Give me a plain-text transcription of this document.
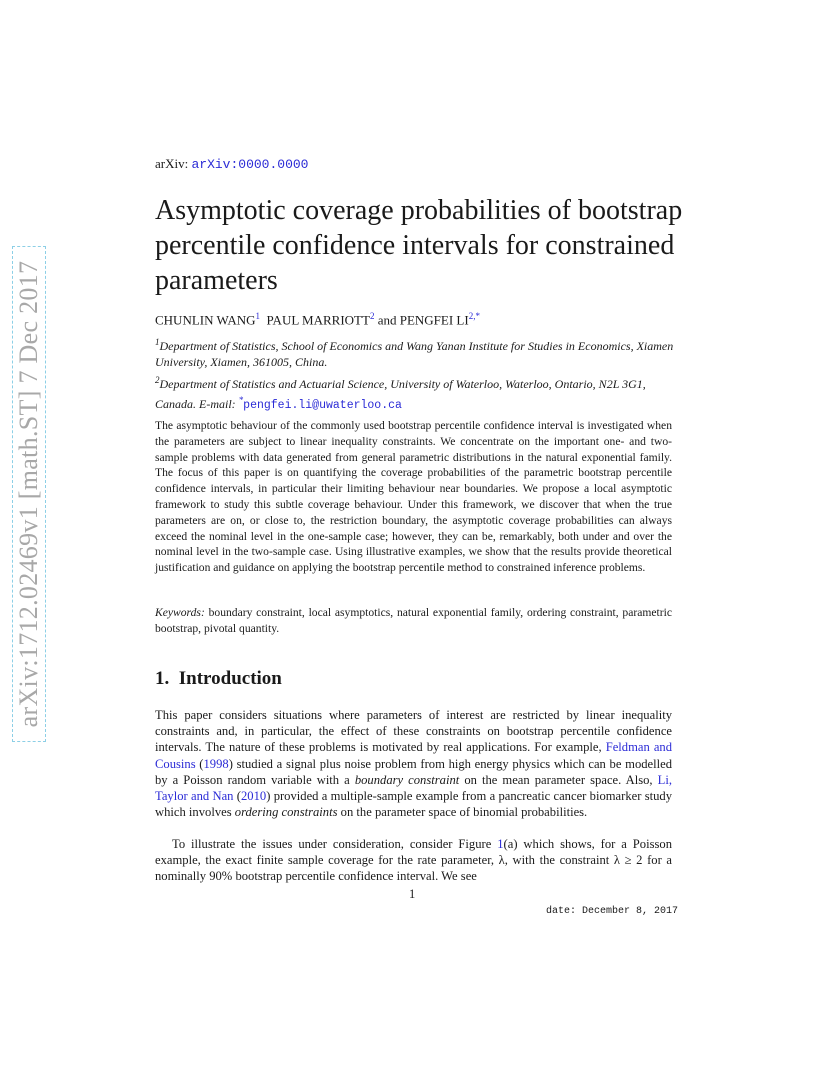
arXiv:1712.02469v1 [math.ST] 7 Dec 2017
arXiv: arXiv:0000.0000
Asymptotic coverage probabilities of bootstrap percentile confidence intervals for constrained parameters
CHUNLIN WANG$^1$ PAUL MARRIOTT$^2$ and PENGFEI $LI^{2,*}$
$^1$Department of Statistics, School of Economics and Wang Yanan Institute for Studies in Economics, Xiamen University, Xiamen, 361005, China.
$^2$Department of Statistics and Actuarial Science, University of Waterloo, Waterloo, Ontario, N2L 3G1, Canada. E-mail: *pengfei.li@uwaterloo.ca

The asymptotic behaviour of the commonly used bootstrap percentile confidence interval is investigated when the parameters are subject to linear inequality constraints. We concentrate on the important one- and two-sample problems with data generated from general parametric distributions in the natural exponential family. The focus of this paper is on quantifying the coverage probabilities of the parametric bootstrap percentile confidence intervals, in particular their limiting behaviour near boundaries. We propose a local asymptotic framework to study this subtle coverage behaviour. Under this framework, we discover that when the true parameters are on, or close to, the restriction boundary, the asymptotic coverage probabilities can always exceed the nominal level in the one-sample case; however, they can be, remarkably, both under and over the nominal level in the two-sample case. Using illustrative examples, we show that the results provide theoretical justification and guidance on applying the bootstrap percentile method to constrained inference problems.

Keywords: boundary constraint, local asymptotics, natural exponential family, ordering constraint, parametric bootstrap, pivotal quantity.

1. Introduction

This paper considers situations where parameters of interest are restricted by linear inequality constraints and, in particular, the effect of these constraints on bootstrap percentile confidence intervals. The nature of these problems is motivated by real applications. For example, Feldman and Cousins (1998) studied a signal plus noise problem from high energy physics which can be modelled by a Poisson random variable with a boundary constraint on the mean parameter space. Also, Li, Taylor and Nan (2010) provided a multiple-sample example from a pancreatic cancer biomarker study which involves ordering constraints on the parameter space of binomial probabilities.

To illustrate the issues under consideration, consider Figure 1(a) which shows, for a Poisson example, the exact finite sample coverage for the rate parameter, λ, with the constraint λ ≥ 2 for a nominally 90% bootstrap percentile confidence interval. We see

1
date: December 8, 2017
